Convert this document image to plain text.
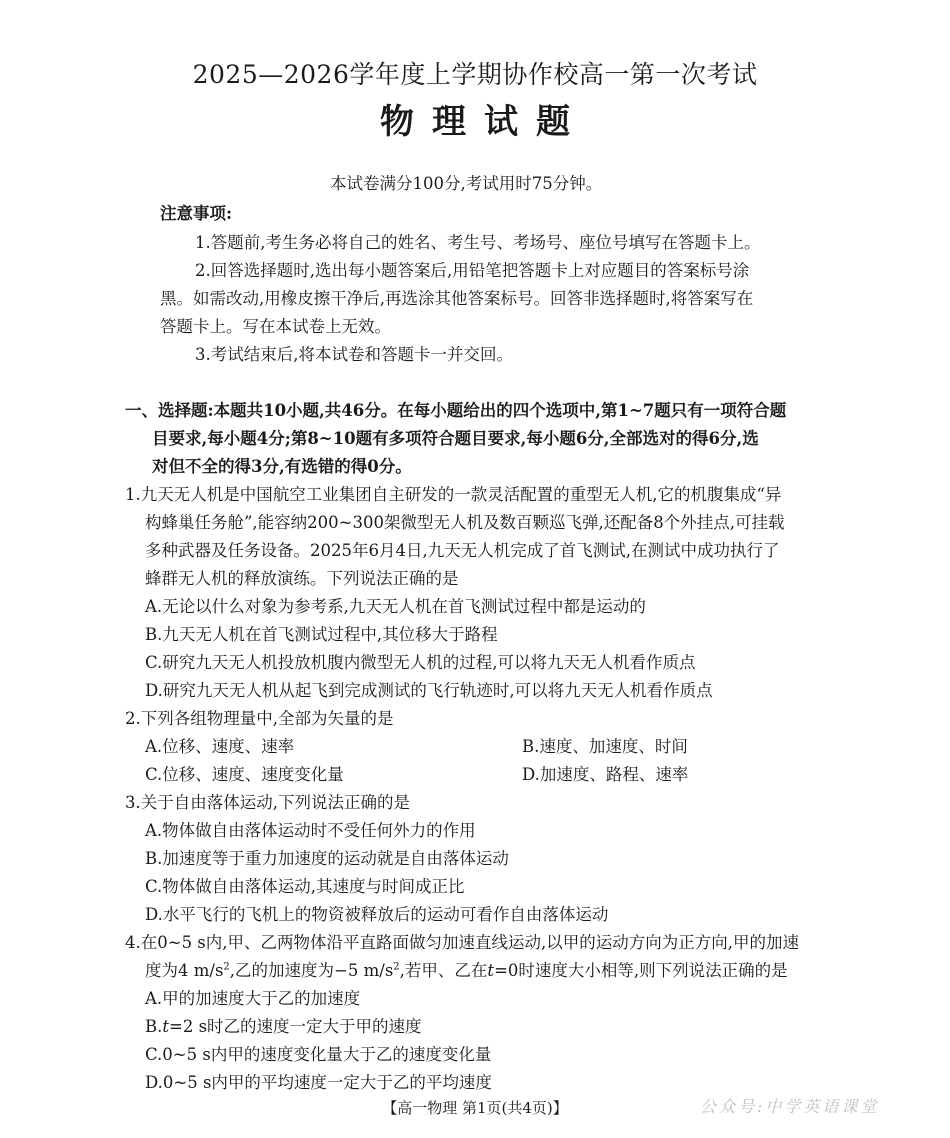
2025—2026学年度上学期协作校高一第一次考试
物理试题
本试卷满分100分,考试用时75分钟。
注意事项:
1.答题前,考生务必将自己的姓名、考生号、考场号、座位号填写在答题卡上。
2.回答选择题时,选出每小题答案后,用铅笔把答题卡上对应题目的答案标号涂
黑。如需改动,用橡皮擦干净后,再选涂其他答案标号。回答非选择题时,将答案写在
答题卡上。写在本试卷上无效。
3.考试结束后,将本试卷和答题卡一并交回。
一、选择题:本题共10小题,共46分。在每小题给出的四个选项中,第1~7题只有一项符合题
目要求,每小题4分;第8~10题有多项符合题目要求,每小题6分,全部选对的得6分,选
对但不全的得3分,有选错的得0分。
1.九天无人机是中国航空工业集团自主研发的一款灵活配置的重型无人机,它的机腹集成“异
构蜂巢任务舱”,能容纳200~300架微型无人机及数百颗巡飞弹,还配备8个外挂点,可挂载
多种武器及任务设备。2025年6月4日,九天无人机完成了首飞测试,在测试中成功执行了
蜂群无人机的释放演练。下列说法正确的是
A.无论以什么对象为参考系,九天无人机在首飞测试过程中都是运动的
B.九天无人机在首飞测试过程中,其位移大于路程
C.研究九天无人机投放机腹内微型无人机的过程,可以将九天无人机看作质点
D.研究九天无人机从起飞到完成测试的飞行轨迹时,可以将九天无人机看作质点
2.下列各组物理量中,全部为矢量的是
A.位移、速度、速率	B.速度、加速度、时间
C.位移、速度、速度变化量	D.加速度、路程、速率
3.关于自由落体运动,下列说法正确的是
A.物体做自由落体运动时不受任何外力的作用
B.加速度等于重力加速度的运动就是自由落体运动
C.物体做自由落体运动,其速度与时间成正比
D.水平飞行的飞机上的物资被释放后的运动可看作自由落体运动
4.在0~5 s内,甲、乙两物体沿平直路面做匀加速直线运动,以甲的运动方向为正方向,甲的加速
度为4 $m/s^2$,乙的加速度为−5 $m/s^2$,若甲、乙在t=0时速度大小相等,则下列说法正确的是
A.甲的加速度大于乙的加速度
B.t=2 s时乙的速度一定大于甲的速度
C.0~5 s内甲的速度变化量大于乙的速度变化量
D.0~5 s内甲的平均速度一定大于乙的平均速度
【高一物理 第1页(共4页)】	公众号:中学英语课堂
